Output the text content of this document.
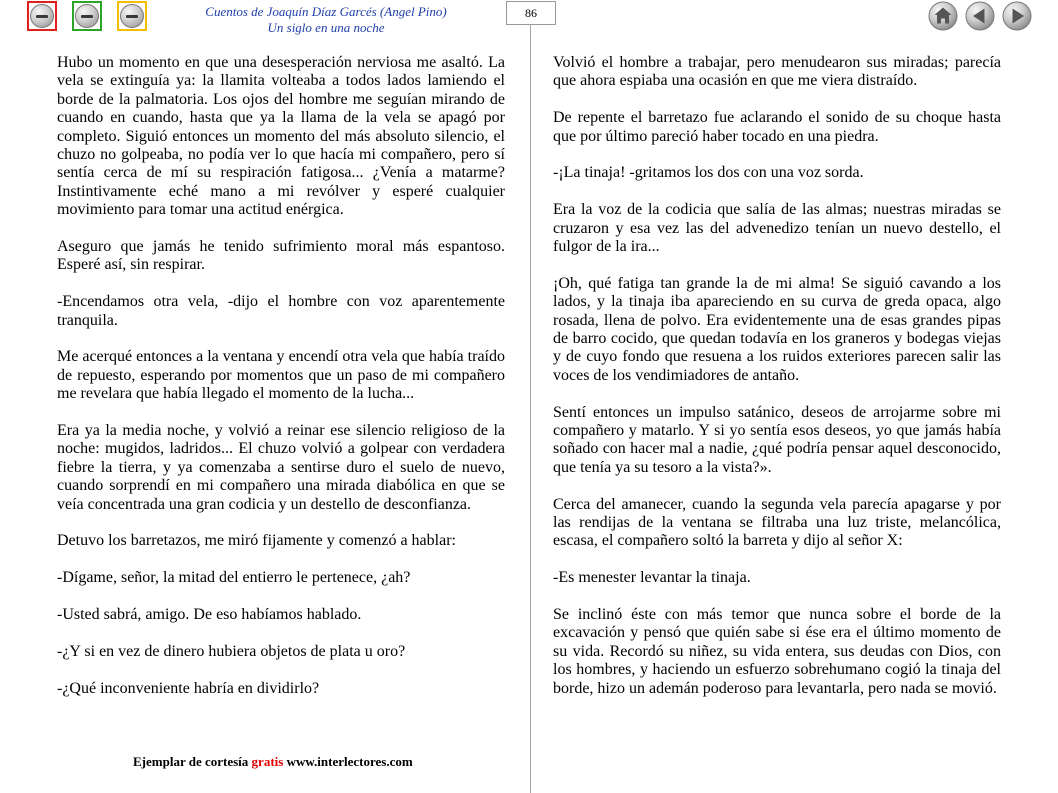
Cuentos de Joaquín Díaz Garcés (Angel Pino)
Un siglo en una noche
86

Hubo un momento en que una desesperación nerviosa me asaltó. La vela se extinguía ya: la llamita volteaba a todos lados lamiendo el borde de la palmatoria. Los ojos del hombre me seguían mirando de cuando en cuando, hasta que ya la llama de la vela se apagó por completo. Siguió entonces un momento del más absoluto silencio, el chuzo no golpeaba, no podía ver lo que hacía mi compañero, pero sí sentía cerca de mí su respiración fatigosa... ¿Venía a matarme? Instintivamente eché mano a mi revólver y esperé cualquier movimiento para tomar una actitud enérgica.

Aseguro que jamás he tenido sufrimiento moral más espantoso. Esperé así, sin respirar.

-Encendamos otra vela, -dijo el hombre con voz aparentemente tranquila.

Me acerqué entonces a la ventana y encendí otra vela que había traído de repuesto, esperando por momentos que un paso de mi compañero me revelara que había llegado el momento de la lucha...

Era ya la media noche, y volvió a reinar ese silencio religioso de la noche: mugidos, ladridos... El chuzo volvió a golpear con verdadera fiebre la tierra, y ya comenzaba a sentirse duro el suelo de nuevo, cuando sorprendí en mi compañero una mirada diabólica en que se veía concentrada una gran codicia y un destello de desconfianza.

Detuvo los barretazos, me miró fijamente y comenzó a hablar:

-Dígame, señor, la mitad del entierro le pertenece, ¿ah?

-Usted sabrá, amigo. De eso habíamos hablado.

-¿Y si en vez de dinero hubiera objetos de plata u oro?

-¿Qué inconveniente habría en dividirlo?

Volvió el hombre a trabajar, pero menudearon sus miradas; parecía que ahora espiaba una ocasión en que me viera distraído.

De repente el barretazo fue aclarando el sonido de su choque hasta que por último pareció haber tocado en una piedra.

-¡La tinaja! -gritamos los dos con una voz sorda.

Era la voz de la codicia que salía de las almas; nuestras miradas se cruzaron y esa vez las del advenedizo tenían un nuevo destello, el fulgor de la ira...

¡Oh, qué fatiga tan grande la de mi alma! Se siguió cavando a los lados, y la tinaja iba apareciendo en su curva de greda opaca, algo rosada, llena de polvo. Era evidentemente una de esas grandes pipas de barro cocido, que quedan todavía en los graneros y bodegas viejas y de cuyo fondo que resuena a los ruidos exteriores parecen salir las voces de los vendimiadores de antaño.

Sentí entonces un impulso satánico, deseos de arrojarme sobre mi compañero y matarlo. Y si yo sentía esos deseos, yo que jamás había soñado con hacer mal a nadie, ¿qué podría pensar aquel desconocido, que tenía ya su tesoro a la vista?».

Cerca del amanecer, cuando la segunda vela parecía apagarse y por las rendijas de la ventana se filtraba una luz triste, melancólica, escasa, el compañero soltó la barreta y dijo al señor X:

-Es menester levantar la tinaja.

Se inclinó éste con más temor que nunca sobre el borde de la excavación y pensó que quién sabe si ése era el último momento de su vida. Recordó su niñez, su vida entera, sus deudas con Dios, con los hombres, y haciendo un esfuerzo sobrehumano cogió la tinaja del borde, hizo un ademán poderoso para levantarla, pero nada se movió.

Ejemplar de cortesía gratis www.interlectores.com
